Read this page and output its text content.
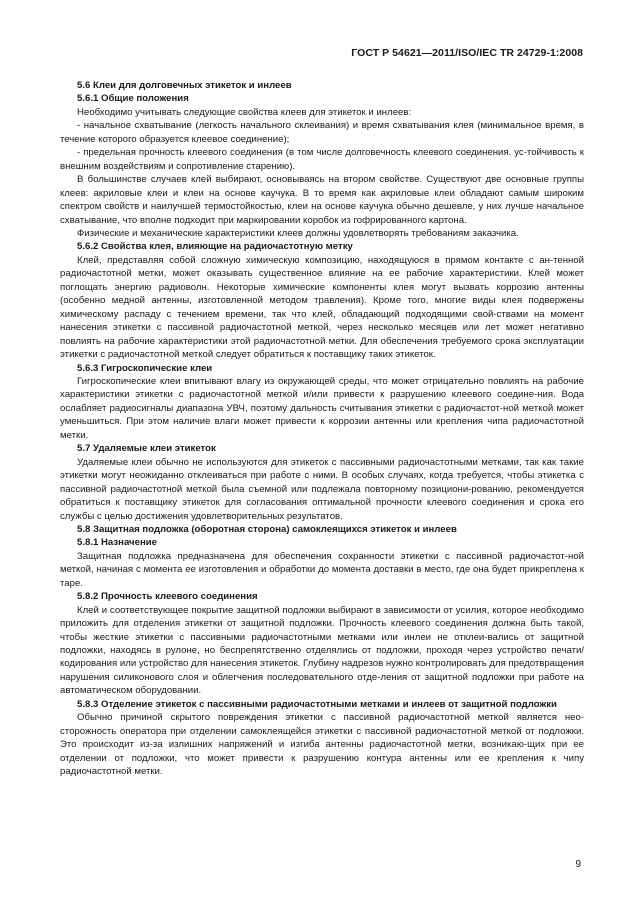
ГОСТ Р 54621—2011/ISO/IEC TR 24729-1:2008

5.6 Клеи для долговечных этикеток и инлеев

5.6.1 Общие положения

Необходимо учитывать следующие свойства клеев для этикеток и инлеев:

- начальное схватывание (легкость начального склеивания) и время схватывания клея (минимальное время, в течение которого образуется клеевое соединение);

- предельная прочность клеевого соединения (в том числе долговечность клеевого соединения. ус-тойчивость к внешним воздействиям и сопротивление старению).

В большинстве случаев клей выбирают, основываясь на втором свойстве. Существуют две основные группы клеев: акриловые клеи и клеи на основе каучука. В то время как акриловые клеи обладают самым широким спектром свойств и наилучшей термостойкостью, клеи на основе каучука обычно дешевле, у них лучше начальное схватывание, что вполне подходит при маркировании коробок из гофрированного картона.

Физические и механические характеристики клеев должны удовлетворять требованиям заказчика.

5.6.2 Свойства клея, влияющие на радиочастотную метку

Клей, представляя собой сложную химическую композицию, находящуюся в прямом контакте с ан-тенной радиочастотной метки, может оказывать существенное влияние на ее рабочие характеристики. Клей может поглощать энергию радиоволн. Некоторые химические компоненты клея могут вызвать коррозию антенны (особенно медной антенны, изготовленной методом травления). Кроме того, многие виды клея подвержены химическому распаду с течением времени, так что клей, обладающий подходящими свой-ствами на момент нанесения этикетки с пассивной радиочастотной меткой, через несколько месяцев или лет может негативно повлиять на рабочие характеристики этой радиочастотной метки. Для обеспечения требуемого срока эксплуатации этикетки с радиочастотной меткой следует обратиться к поставщику таких этикеток.

5.6.3 Гигроскопические клеи

Гигроскопические клеи впитывают влагу из окружающей среды, что может отрицательно повлиять на рабочие характеристики этикетки с радиочастотной меткой и/или привести к разрушению клеевого соедине-ния. Вода ослабляет радиосигналы диапазона УВЧ, поэтому дальность считывания этикетки с радиочастот-ной меткой может уменьшиться. При этом наличие влаги может привести к коррозии антенны или крепления чипа радиочастотной метки.

5.7 Удаляемые клеи этикеток

Удаляемые клеи обычно не используются для этикеток с пассивными радиочастотными метками, так как такие этикетки могут неожиданно отклеиваться при работе с ними. В особых случаях, когда требуется, чтобы этикетка с пассивной радиочастотной меткой была съемной или подлежала повторному позициони-рованию, рекомендуется обратиться к поставщику этикеток для согласования оптимальной прочности клеевого соединения и срока его службы с целью достижения удовлетворительных результатов.

5.8 Защитная подложка (оборотная сторона) самоклеящихся этикеток и инлеев

5.8.1 Назначение

Защитная подложка предназначена для обеспечения сохранности этикетки с пассивной радиочастот-ной меткой, начиная с момента ее изготовления и обработки до момента доставки в место, где она будет прикреплена к таре.

5.8.2 Прочность клеевого соединения

Клей и соответствующее покрытие защитной подложки выбирают в зависимости от усилия, которое необходимо приложить для отделения этикетки от защитной подложки. Прочность клеевого соединения должна быть такой, чтобы жесткие этикетки с пассивными радиочастотными метками или инлеи не отклеи-вались от защитной подложки, находясь в рулоне, но беспрепятственно отделялись от подложки, проходя через устройство печати/кодирования или устройство для нанесения этикеток. Глубину надрезов нужно контролировать для предотвращения нарушения силиконового слоя и облегчения последовательного отде-ления от защитной подложки при работе на автоматическом оборудовании.

5.8.3 Отделение этикеток с пассивными радиочастотными метками и инлеев от защитной подложки

Обычно причиной скрытого повреждения этикетки с пассивной радиочастотной меткой является нео-сторожность оператора при отделении самоклеящейся этикетки с пассивной радиочастотной меткой от подложки. Это происходит из-за излишних напряжений и изгиба антенны радиочастотной метки, возникаю-щих при ее отделении от подложки, что может привести к разрушению контура антенны или ее крепления к чипу радиочастотной метки.

9
